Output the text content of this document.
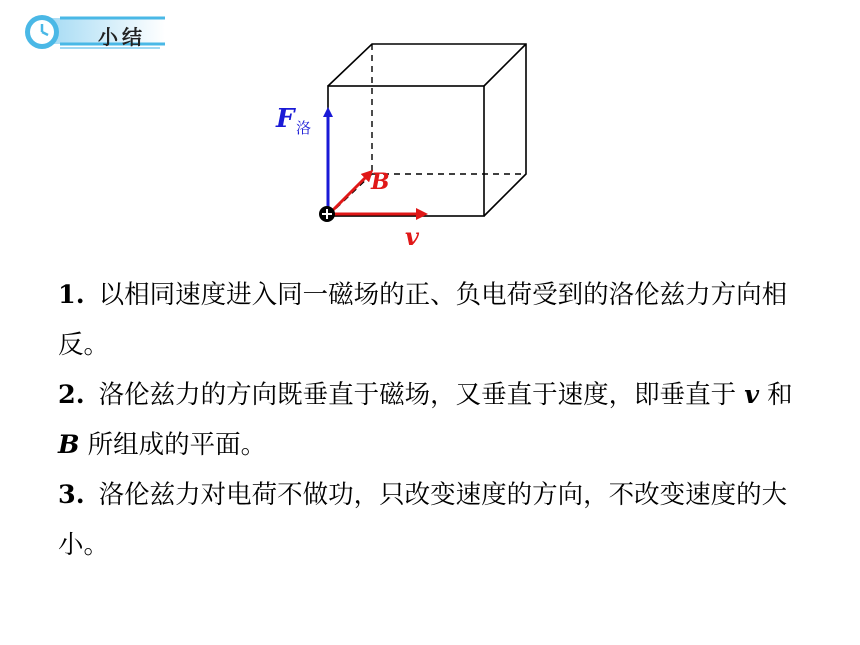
小结
F 洛
B
v

1. 以相同速度进入同一磁场的正、负电荷受到的洛伦兹力方向相反。

2. 洛伦兹力的方向既垂直于磁场，又垂直于速度，即垂直于 v 和 B 所组成的平面。

3. 洛伦兹力对电荷不做功，只改变速度的方向，不改变速度的大小。
